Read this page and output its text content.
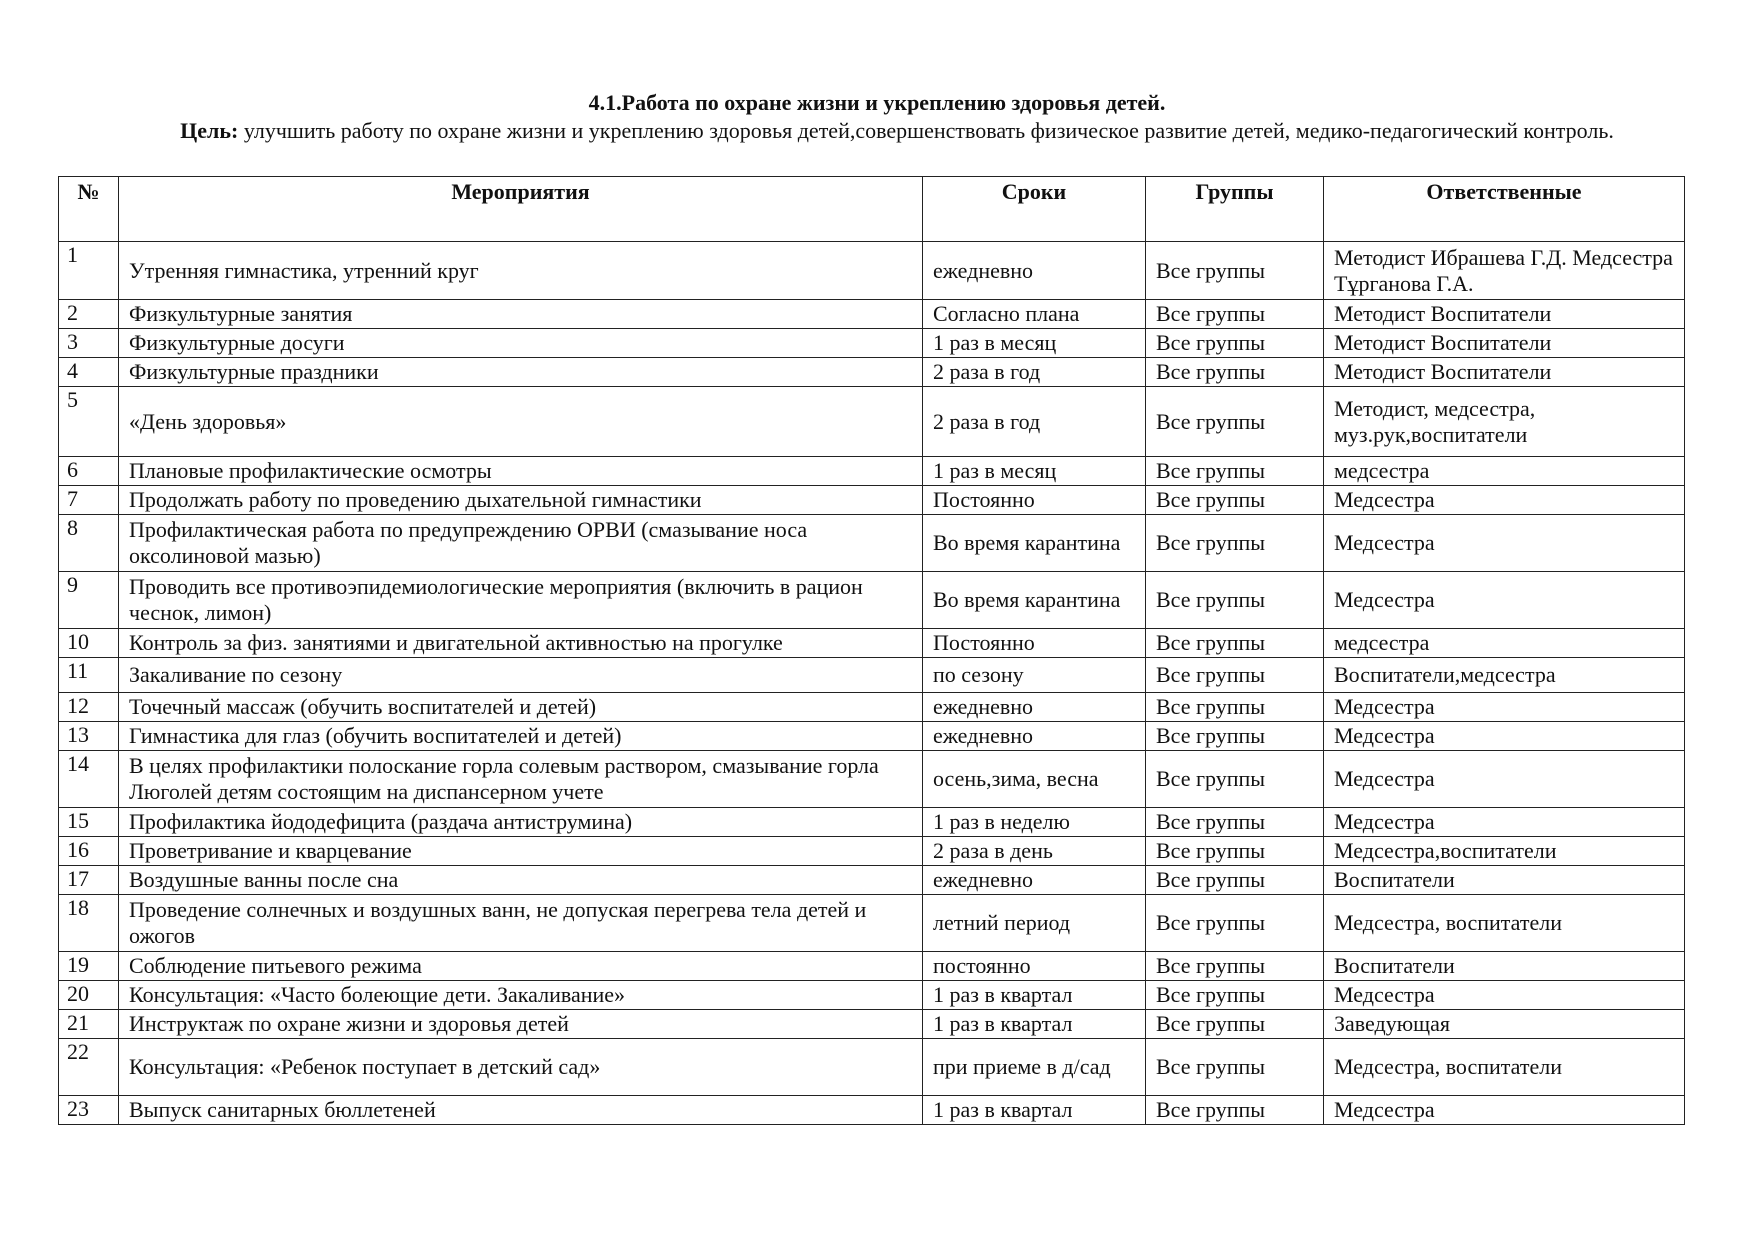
4.1.Работа по охране жизни и укреплению здоровья детей.
Цель: улучшить работу по охране жизни и укреплению здоровья детей,совершенствовать физическое развитие детей, медико-педагогический контроль.
№	Мероприятия	Сроки	Группы	Ответственные
1	Утренняя гимнастика, утренний круг	ежедневно	Все группы	Методист Ибрашева Г.Д. Медсестра Тұрганова Г.А.
2	Физкультурные занятия	Согласно плана	Все группы	Методист Воспитатели
3	Физкультурные досуги	1 раз в месяц	Все группы	Методист Воспитатели
4	Физкультурные праздники	2 раза в год	Все группы	Методист Воспитатели
5	«День здоровья»	2 раза в год	Все группы	Методист, медсестра, муз.рук,воспитатели
6	Плановые профилактические осмотры	1 раз в месяц	Все группы	медсестра
7	Продолжать работу по проведению дыхательной гимнастики	Постоянно	Все группы	Медсестра
8	Профилактическая работа по предупреждению ОРВИ (смазывание носа оксолиновой мазью)	Во время карантина	Все группы	Медсестра
9	Проводить все противоэпидемиологические мероприятия (включить в рацион чеснок, лимон)	Во время карантина	Все группы	Медсестра
10	Контроль за физ. занятиями и двигательной активностью на прогулке	Постоянно	Все группы	медсестра
11	Закаливание по сезону	по сезону	Все группы	Воспитатели,медсестра
12	Точечный массаж (обучить воспитателей и детей)	ежедневно	Все группы	Медсестра
13	Гимнастика для глаз (обучить воспитателей и детей)	ежедневно	Все группы	Медсестра
14	В целях профилактики полоскание горла солевым раствором, смазывание горла Люголей детям состоящим на диспансерном учете	осень,зима, весна	Все группы	Медсестра
15	Профилактика йододефицита (раздача антиструмина)	1 раз в неделю	Все группы	Медсестра
16	Проветривание и кварцевание	2 раза в день	Все группы	Медсестра,воспитатели
17	Воздушные ванны после сна	ежедневно	Все группы	Воспитатели
18	Проведение солнечных и воздушных ванн, не допуская перегрева тела детей и ожогов	летний период	Все группы	Медсестра, воспитатели
19	Соблюдение питьевого режима	постоянно	Все группы	Воспитатели
20	Консультация: «Часто болеющие дети. Закаливание»	1 раз в квартал	Все группы	Медсестра
21	Инструктаж по охране жизни и здоровья детей	1 раз в квартал	Все группы	Заведующая
22	Консультация: «Ребенок поступает в детский сад»	при приеме в д/сад	Все группы	Медсестра, воспитатели
23	Выпуск санитарных бюллетеней	1 раз в квартал	Все группы	Медсестра
